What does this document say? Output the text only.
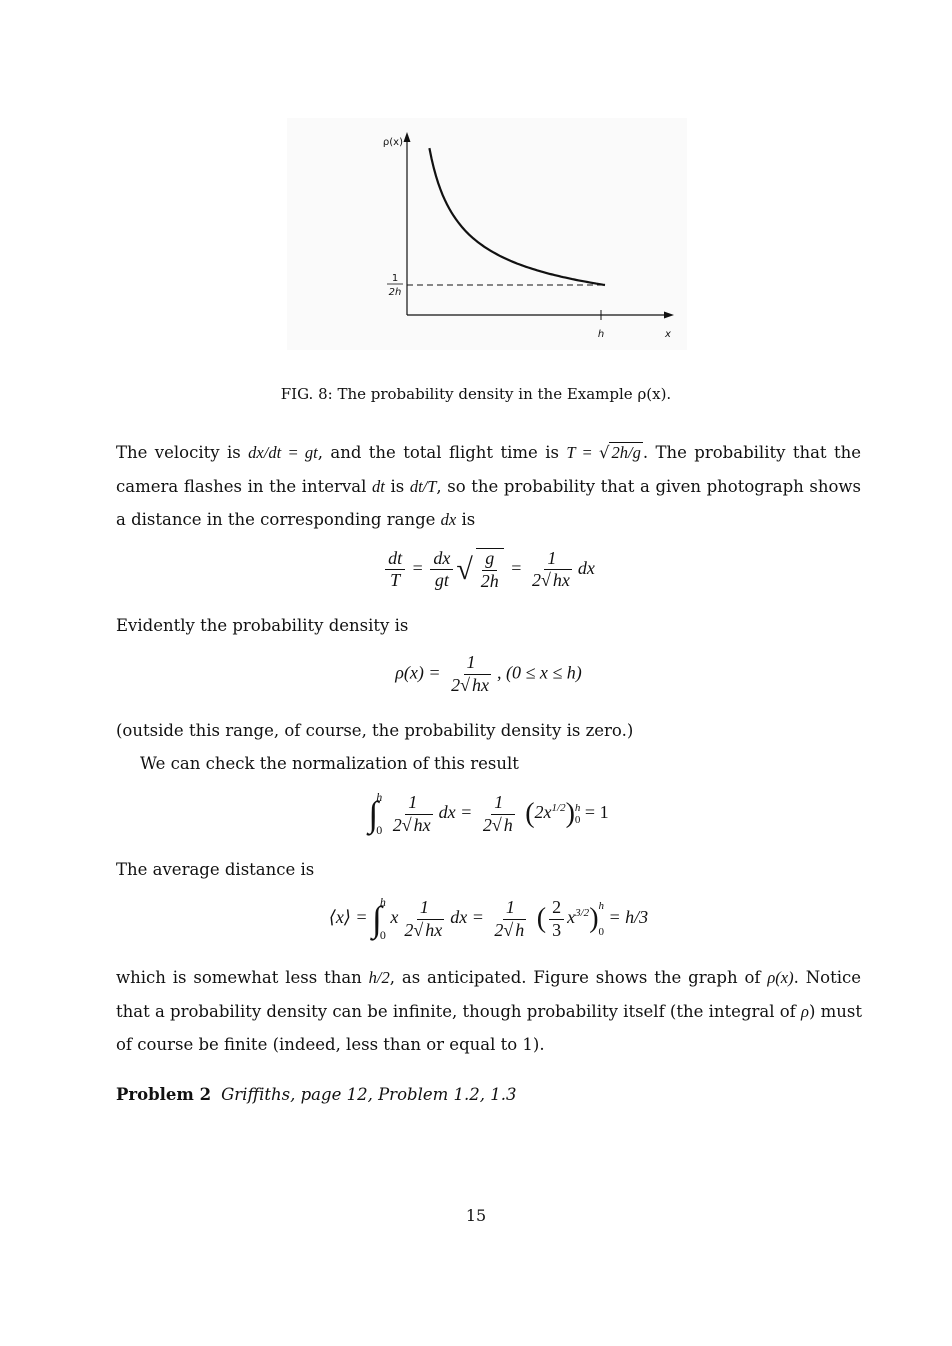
ρ(x)
1
2h
h	x
FIG. 8: The probability density in the Example ρ(x).
The velocity is dx/dt = gt, and the total flight time is T = √ 2h/g . The probability that the
camera flashes in the interval dt is dt/T, so the probability that a given photograph shows
a distance in the corresponding range dx is
$\frac{dt}{T} = \frac{dx}{gt}$ √ $\frac{g}{2h} = \frac{1}{2√ hx}$ dx
Evidently the probability density is
$\rho(x) = \frac{1}{2√ hx}$ , (0 ≤ x ≤ h)
(outside this range, of course, the probability density is zero.)
We can check the normalization of this result
∫
h
0
$\frac{1}{2√ hx}$ dx = $\frac{1}{2√ h} (2x^{1/2})$ h
0 = 1
The average distance is
⟨x⟩ = ∫
h
0
x $\frac{1}{2√ hx}$ dx = $\frac{1}{2√ h}$ ( $\frac{2}{3} x^{3/2}$) h
0
= h/3
which is somewhat less than h/2, as anticipated. Figure shows the graph of ρ(x). Notice
that a probability density can be infinite, though probability itself (the integral of ρ) must
of course be finite (indeed, less than or equal to 1).
Problem 2 Griffiths, page 12, Problem 1.2, 1.3
15
